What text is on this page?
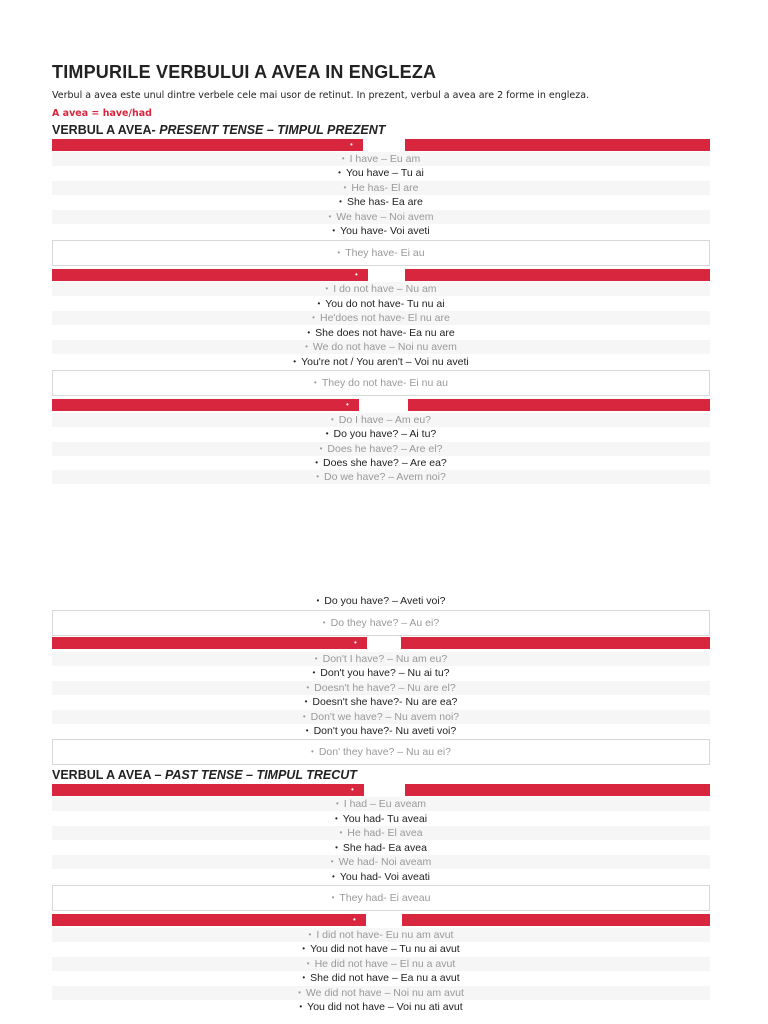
TIMPURILE VERBULUI A AVEA IN ENGLEZA
Verbul a avea este unul dintre verbele cele mai usor de retinut. In prezent, verbul a avea are 2 forme in engleza.
A avea = have/had
VERBUL A AVEA- PRESENT TENSE – TIMPUL PREZENT
VERBUL A AVEA – PAST TENSE – TIMPUL TRECUT
•
• I have – Eu am
• You have – Tu ai
• He has- El are
• She has- Ea are
• We have – Noi avem
• You have- Voi aveti
• They have- Ei au
•
• I do not have – Nu am
• You do not have- Tu nu ai
• He'does not have- El nu are
• She does not have- Ea nu are
• We do not have – Noi nu avem
• You're not / You aren't – Voi nu aveti
• They do not have- Ei nu au
•
• Do I have – Am eu?
• Do you have? – Ai tu?
• Does he have? – Are el?
• Does she have? – Are ea?
• Do we have? – Avem noi?
• Do you have? – Aveti voi?
• Do they have? – Au ei?
•
• Don't I have? – Nu am eu?
• Don't you have? – Nu ai tu?
• Doesn't he have? – Nu are el?
• Doesn't she have?- Nu are ea?
• Don't we have? – Nu avem noi?
• Don't you have?- Nu aveti voi?
• Don' they have? – Nu au ei?
•
• I had – Eu aveam
• You had- Tu aveai
• He had- El avea
• She had- Ea avea
• We had- Noi aveam
• You had- Voi aveati
• They had- Ei aveau
•
• I did not have- Eu nu am avut
• You did not have – Tu nu ai avut
• He did not have – El nu a avut
• She did not have – Ea nu a avut
• We did not have – Noi nu am avut
• You did not have – Voi nu ati avut
